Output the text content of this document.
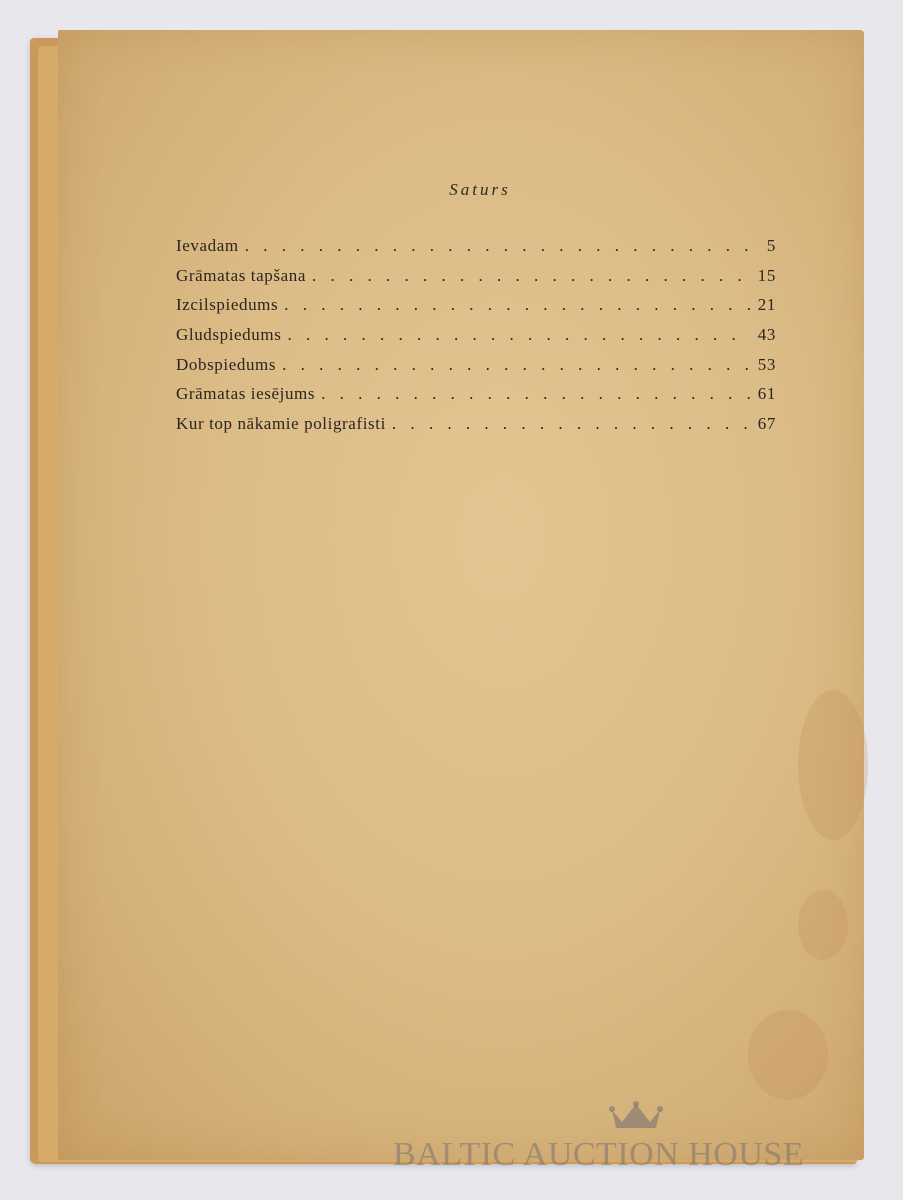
Saturs
Ievadam . . .	5
Grāmatas tapšana . . .	15
Izcilspiedums . . .	21
Gludspiedums . . .	43
Dobspiedums . . .	53
Grāmatas iesējums . . .	61
Kur top nākamie poligrafisti . . .	67
BALTIC AUCTION HOUSE
